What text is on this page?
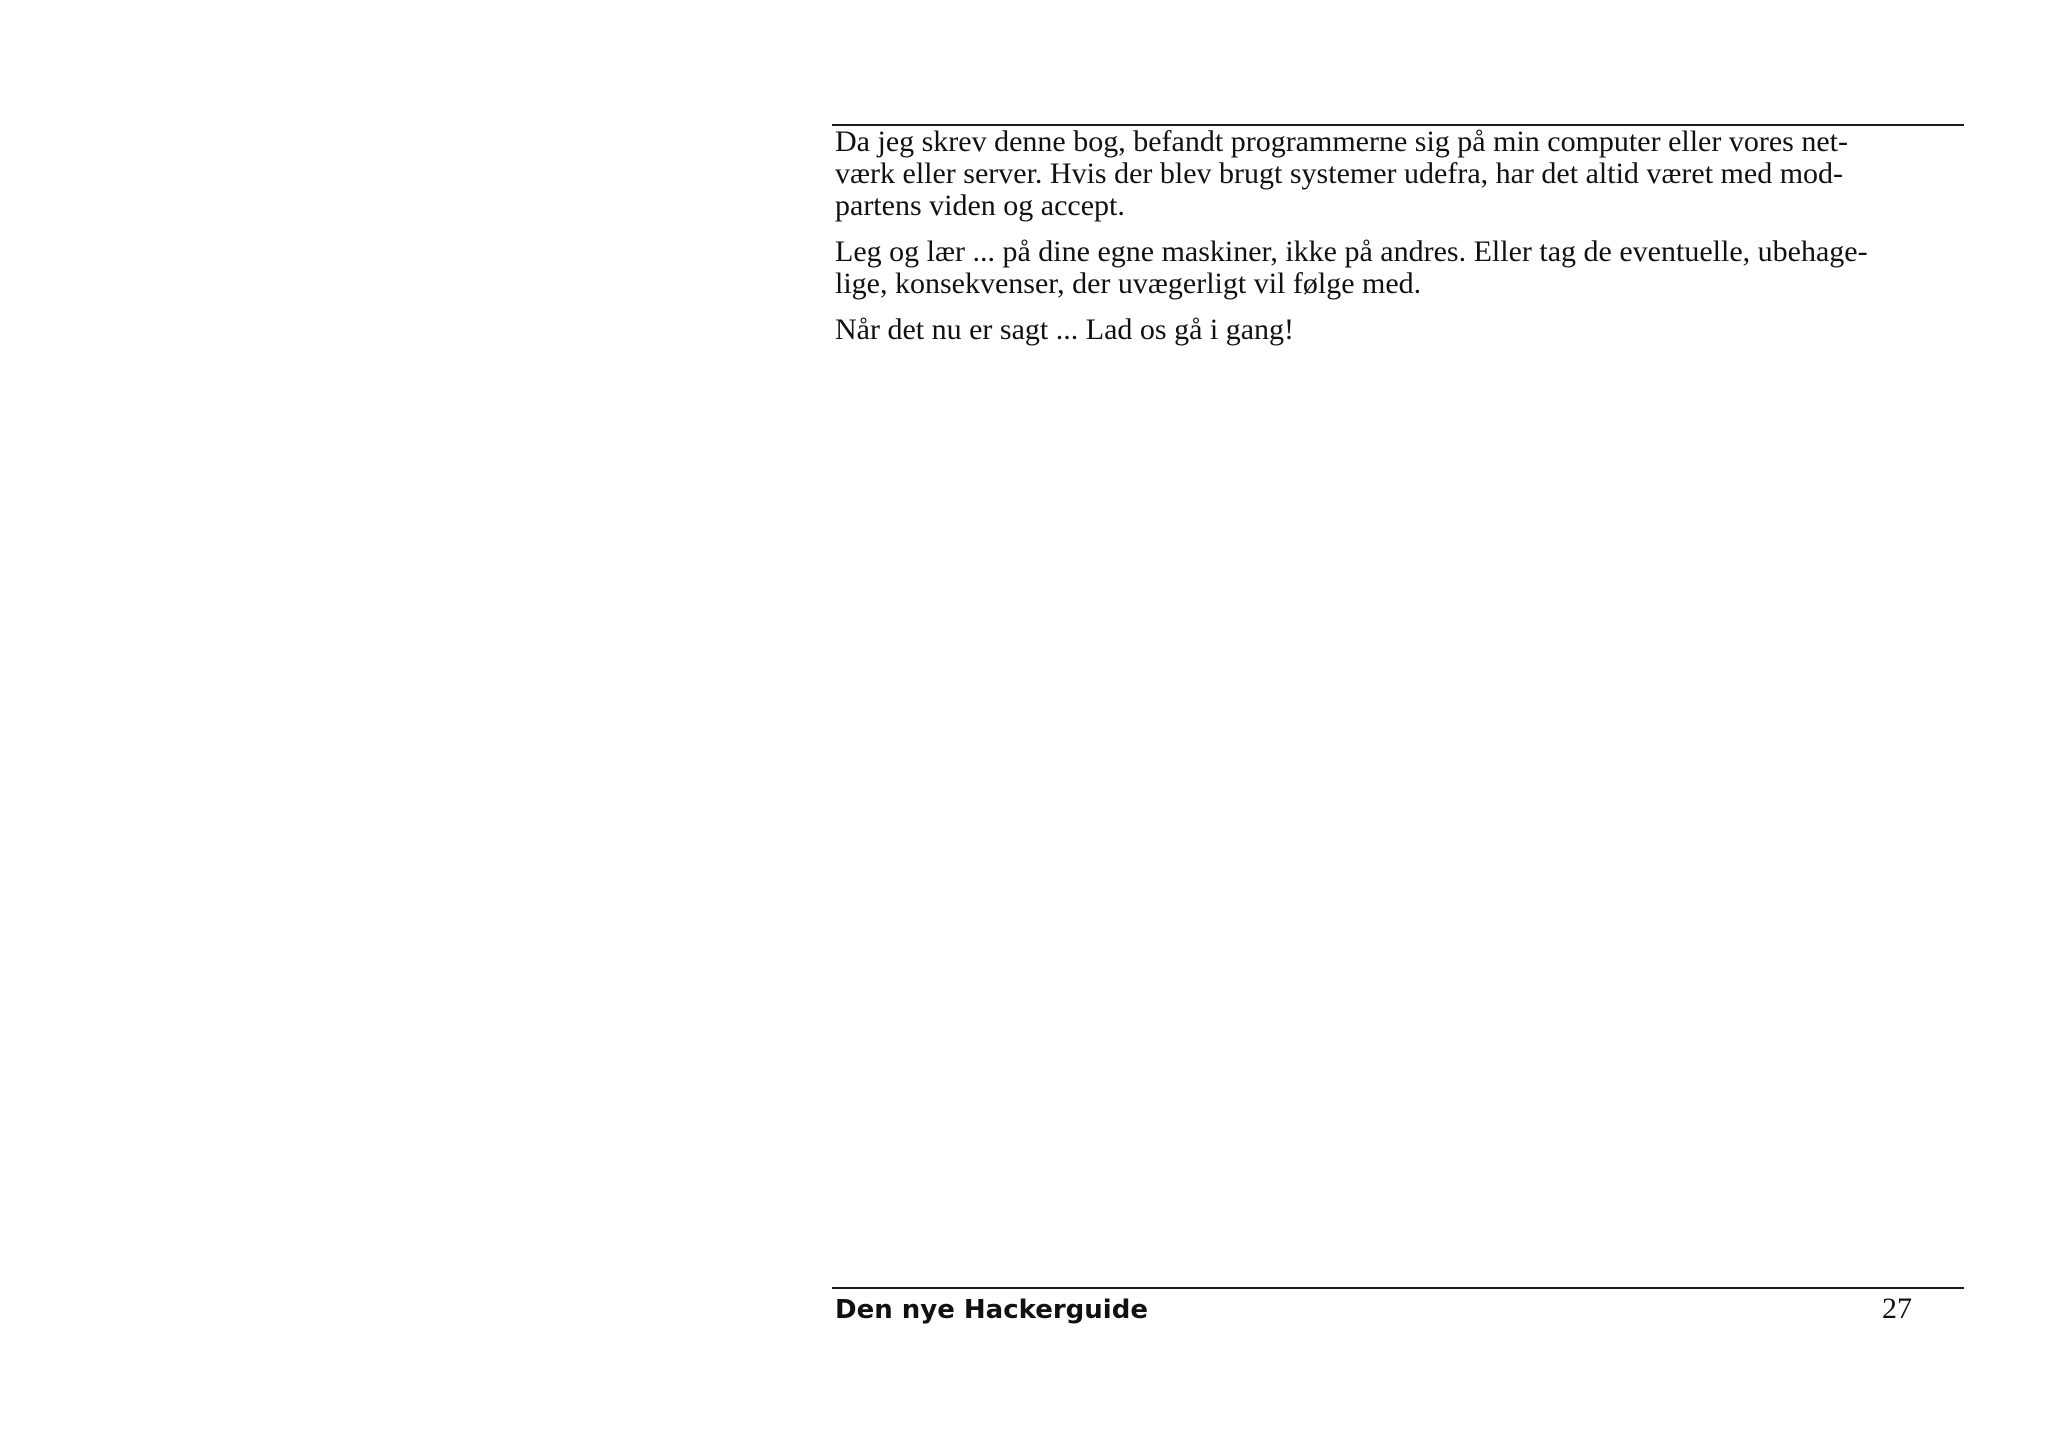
Da jeg skrev denne bog, befandt programmerne sig på min computer eller vores net-
værk eller server. Hvis der blev brugt systemer udefra, har det altid været med mod-
partens viden og accept.

Leg og lær ... på dine egne maskiner, ikke på andres. Eller tag de eventuelle, ubehage-
lige, konsekvenser, der uvægerligt vil følge med.

Når det nu er sagt ... Lad os gå i gang!

Den nye Hackerguide	27
